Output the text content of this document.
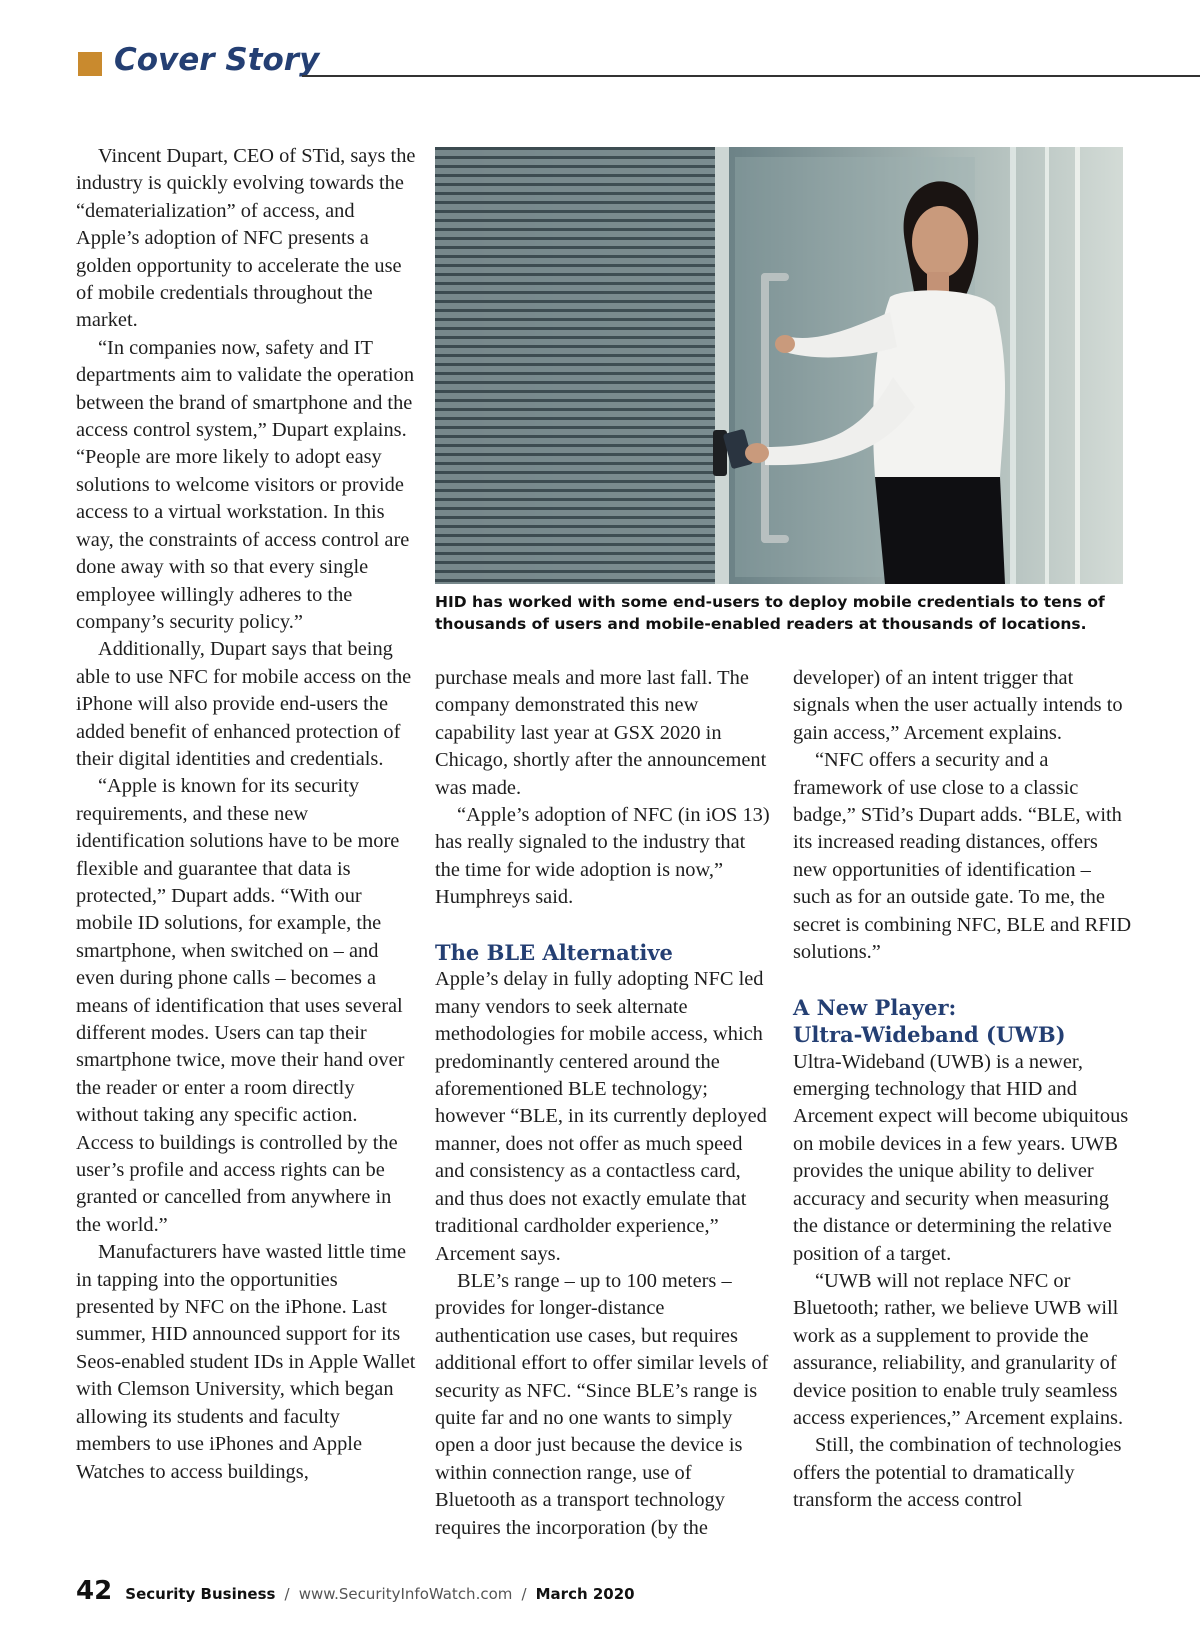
Cover Story

Vincent Dupart, CEO of STid, says the industry is quickly evolving towards the “dematerialization” of access, and Apple’s adoption of NFC presents a golden opportunity to accelerate the use of mobile credentials throughout the market.

“In companies now, safety and IT departments aim to validate the operation between the brand of smartphone and the access control system,” Dupart explains. “People are more likely to adopt easy solutions to welcome visitors or provide access to a virtual workstation. In this way, the constraints of access control are done away with so that every single employee willingly adheres to the company’s security policy.”

Additionally, Dupart says that being able to use NFC for mobile access on the iPhone will also provide end-users the added benefit of enhanced protection of their digital identities and credentials.

“Apple is known for its security requirements, and these new identification solutions have to be more flexible and guarantee that data is protected,” Dupart adds. “With our mobile ID solutions, for example, the smartphone, when switched on – and even during phone calls – becomes a means of identification that uses several different modes. Users can tap their smartphone twice, move their hand over the reader or enter a room directly without taking any specific action. Access to buildings is controlled by the user’s profile and access rights can be granted or cancelled from anywhere in the world.”

Manufacturers have wasted little time in tapping into the opportunities presented by NFC on the iPhone. Last summer, HID announced support for its Seos-enabled student IDs in Apple Wallet with Clemson University, which began allowing its students and faculty members to use iPhones and Apple Watches to access buildings,

HID has worked with some end-users to deploy mobile credentials to tens of thousands of users and mobile-enabled readers at thousands of locations.

purchase meals and more last fall. The company demonstrated this new capability last year at GSX 2020 in Chicago, shortly after the announcement was made.

“Apple’s adoption of NFC (in iOS 13) has really signaled to the industry that the time for wide adoption is now,” Humphreys said.

The BLE Alternative

Apple’s delay in fully adopting NFC led many vendors to seek alternate methodologies for mobile access, which predominantly centered around the aforementioned BLE technology; however “BLE, in its currently deployed manner, does not offer as much speed and consistency as a contactless card, and thus does not exactly emulate that traditional cardholder experience,” Arcement says.

BLE’s range – up to 100 meters – provides for longer-distance authentication use cases, but requires additional effort to offer similar levels of security as NFC. “Since BLE’s range is quite far and no one wants to simply open a door just because the device is within connection range, use of Bluetooth as a transport technology requires the incorporation (by the

developer) of an intent trigger that signals when the user actually intends to gain access,” Arcement explains.

“NFC offers a security and a framework of use close to a classic badge,” STid’s Dupart adds. “BLE, with its increased reading distances, offers new opportunities of identification – such as for an outside gate. To me, the secret is combining NFC, BLE and RFID solutions.”

A New Player:

Ultra-Wideband (UWB)

Ultra-Wideband (UWB) is a newer, emerging technology that HID and Arcement expect will become ubiquitous on mobile devices in a few years. UWB provides the unique ability to deliver accuracy and security when measuring the distance or determining the relative position of a target.

“UWB will not replace NFC or Bluetooth; rather, we believe UWB will work as a supplement to provide the assurance, reliability, and granularity of device position to enable truly seamless access experiences,” Arcement explains.

Still, the combination of technologies offers the potential to dramatically transform the access control

42 Security Business / www.SecurityInfoWatch.com / March 2020
